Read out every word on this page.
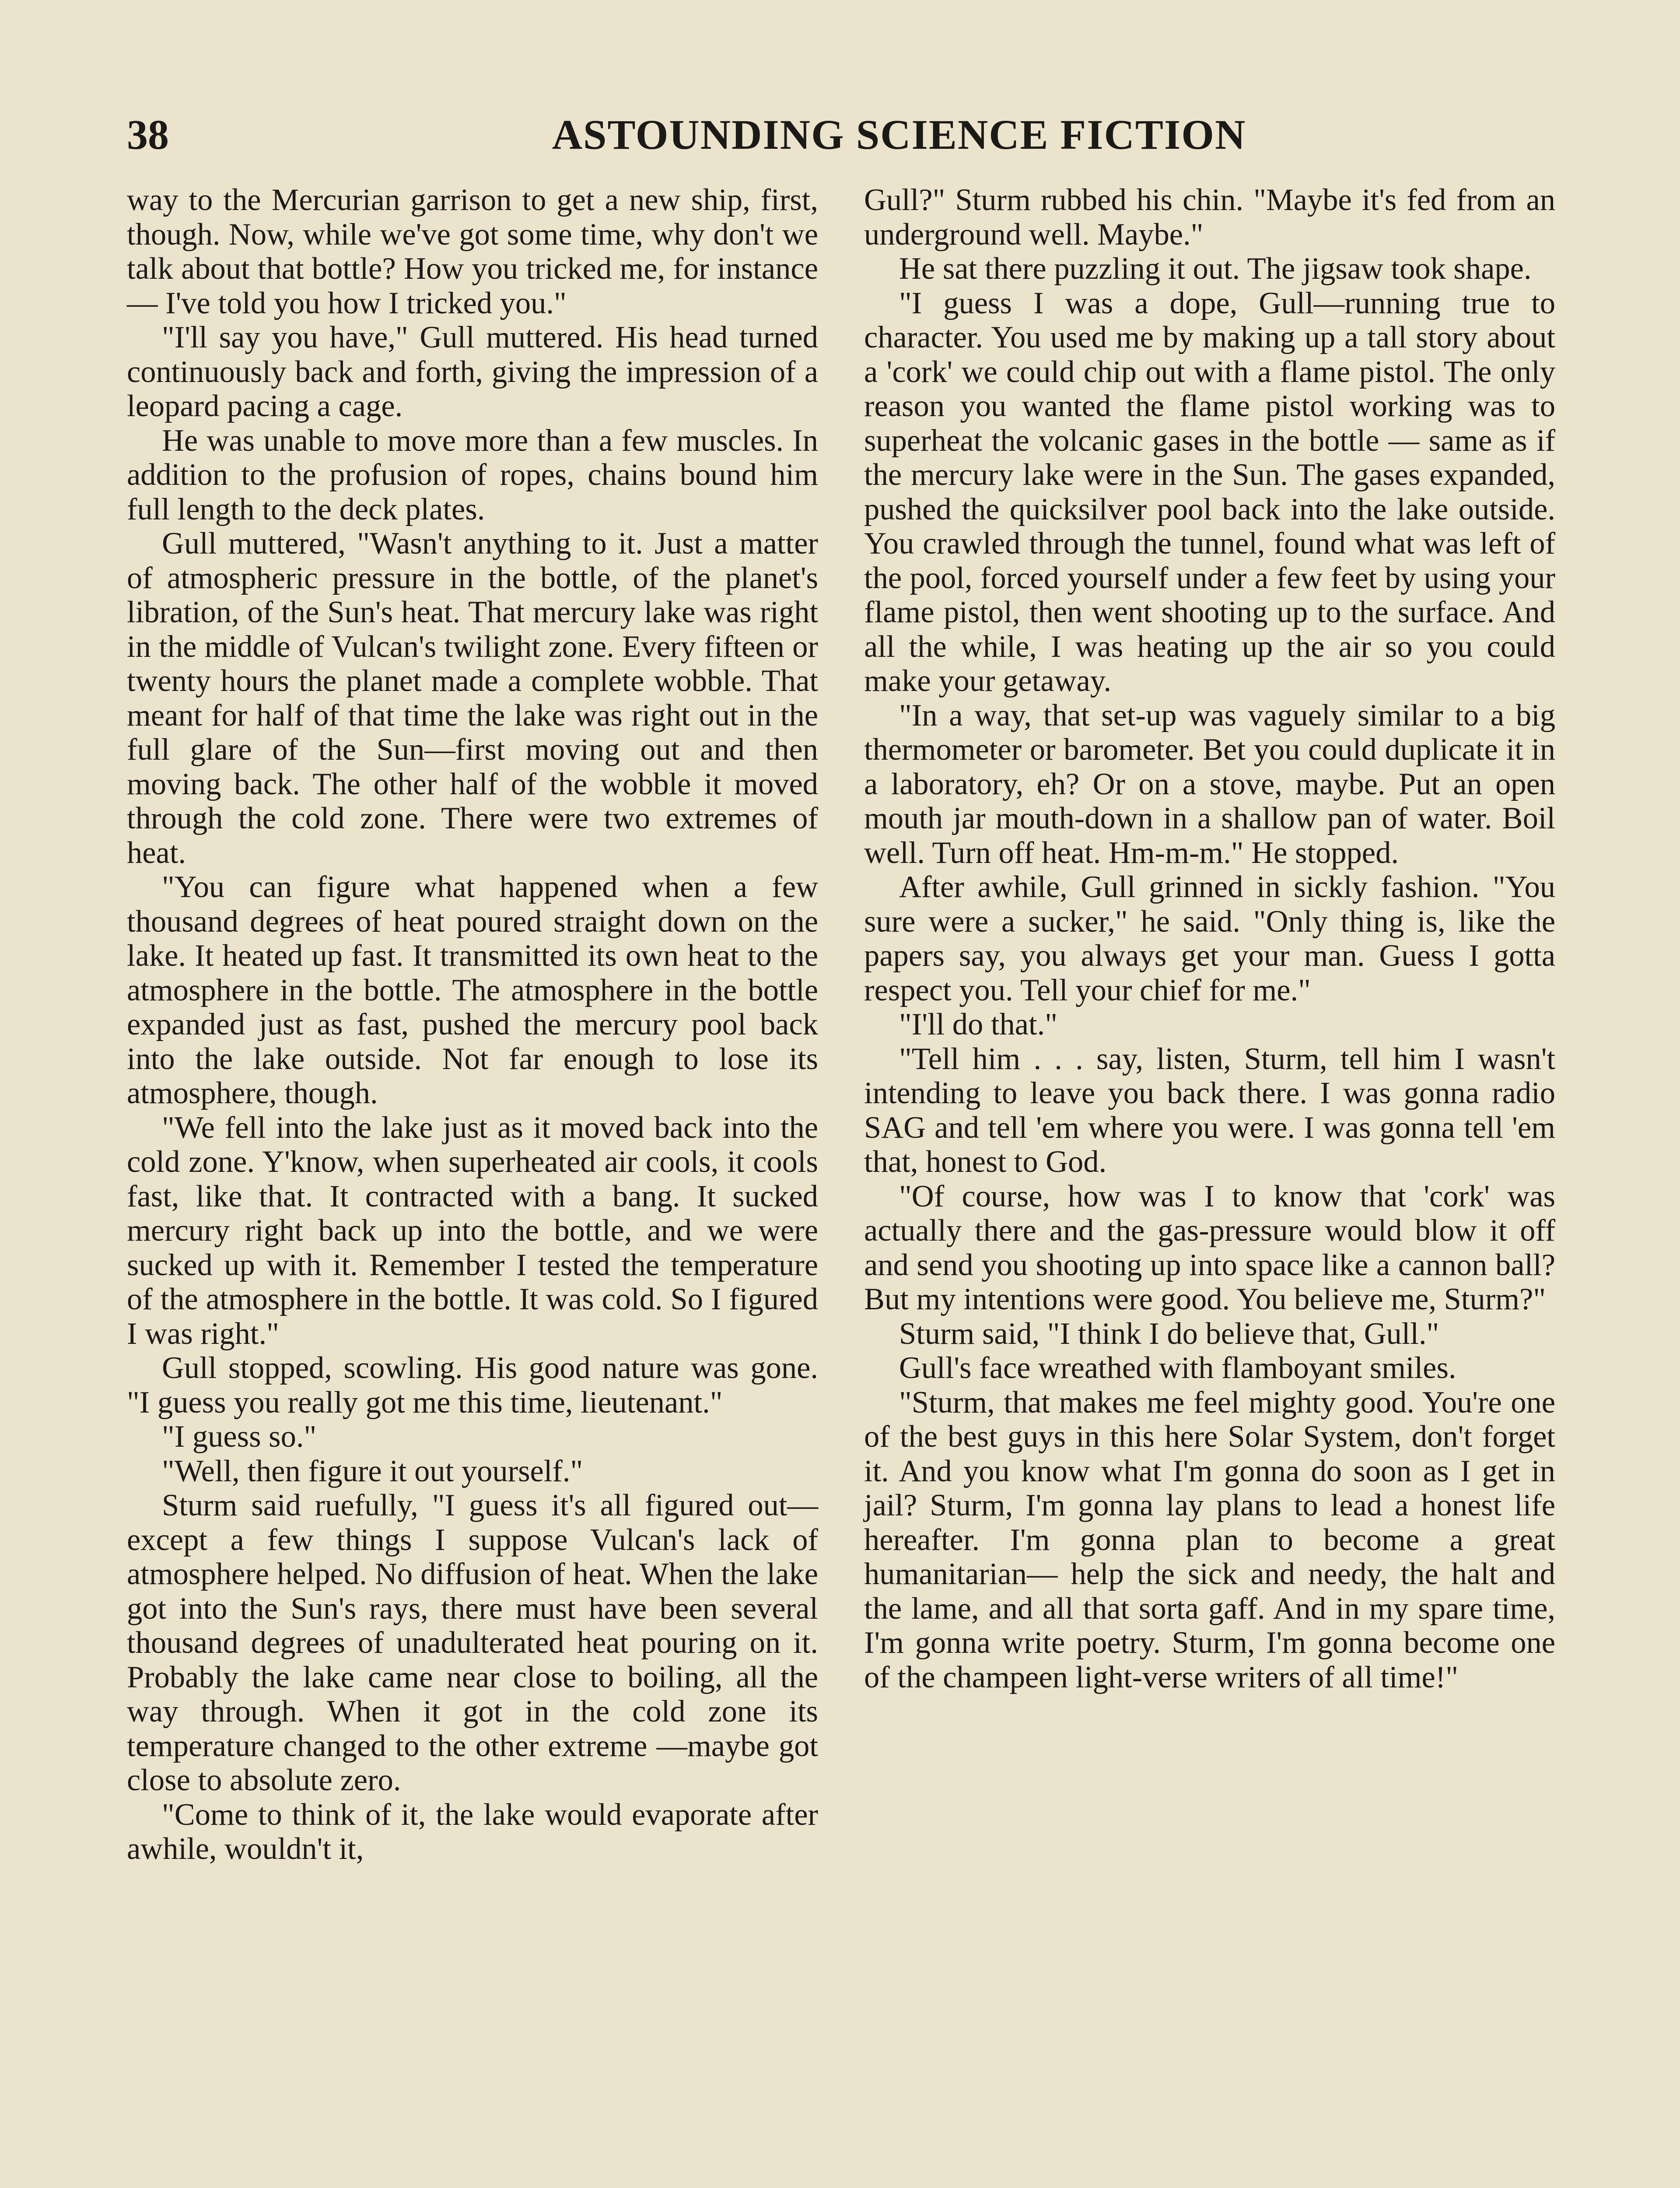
38	ASTOUNDING SCIENCE FICTION

way to the Mercurian garrison to get a new ship, first, though. Now, while we've got some time, why don't we talk about that bottle? How you tricked me, for instance— I've told you how I tricked you."

"I'll say you have," Gull muttered. His head turned continuously back and forth, giving the impression of a leopard pacing a cage.

He was unable to move more than a few muscles. In addition to the profusion of ropes, chains bound him full length to the deck plates.

Gull muttered, "Wasn't anything to it. Just a matter of atmospheric pressure in the bottle, of the planet's libration, of the Sun's heat. That mercury lake was right in the middle of Vulcan's twilight zone. Every fifteen or twenty hours the planet made a complete wobble. That meant for half of that time the lake was right out in the full glare of the Sun—first moving out and then moving back. The other half of the wobble it moved through the cold zone. There were two extremes of heat.

"You can figure what happened when a few thousand degrees of heat poured straight down on the lake. It heated up fast. It transmitted its own heat to the atmosphere in the bottle. The atmosphere in the bottle expanded just as fast, pushed the mercury pool back into the lake outside. Not far enough to lose its atmosphere, though.

"We fell into the lake just as it moved back into the cold zone. Y'know, when superheated air cools, it cools fast, like that. It contracted with a bang. It sucked mercury right back up into the bottle, and we were sucked up with it. Remember I tested the temperature of the atmosphere in the bottle. It was cold. So I figured I was right."

Gull stopped, scowling. His good nature was gone. "I guess you really got me this time, lieutenant."

"I guess so."

"Well, then figure it out yourself."

Sturm said ruefully, "I guess it's all figured out—except a few things I suppose Vulcan's lack of atmosphere helped. No diffusion of heat. When the lake got into the Sun's rays, there must have been several thousand degrees of unadulterated heat pouring on it. Probably the lake came near close to boiling, all the way through. When it got in the cold zone its temperature changed to the other extreme —maybe got close to absolute zero.

"Come to think of it, the lake would evaporate after awhile, wouldn't it,

Gull?" Sturm rubbed his chin. "Maybe it's fed from an underground well. Maybe."

He sat there puzzling it out. The jigsaw took shape.

"I guess I was a dope, Gull—running true to character. You used me by making up a tall story about a 'cork' we could chip out with a flame pistol. The only reason you wanted the flame pistol working was to superheat the volcanic gases in the bottle — same as if the mercury lake were in the Sun. The gases expanded, pushed the quicksilver pool back into the lake outside. You crawled through the tunnel, found what was left of the pool, forced yourself under a few feet by using your flame pistol, then went shooting up to the surface. And all the while, I was heating up the air so you could make your getaway.

"In a way, that set-up was vaguely similar to a big thermometer or barometer. Bet you could duplicate it in a laboratory, eh? Or on a stove, maybe. Put an open mouth jar mouth-down in a shallow pan of water. Boil well. Turn off heat. Hm-m-m." He stopped.

After awhile, Gull grinned in sickly fashion. "You sure were a sucker," he said. "Only thing is, like the papers say, you always get your man. Guess I gotta respect you. Tell your chief for me."

"I'll do that."

"Tell him . . . say, listen, Sturm, tell him I wasn't intending to leave you back there. I was gonna radio SAG and tell 'em where you were. I was gonna tell 'em that, honest to God.

"Of course, how was I to know that 'cork' was actually there and the gas-pressure would blow it off and send you shooting up into space like a cannon ball? But my intentions were good. You believe me, Sturm?"

Sturm said, "I think I do believe that, Gull."

Gull's face wreathed with flamboyant smiles.

"Sturm, that makes me feel mighty good. You're one of the best guys in this here Solar System, don't forget it. And you know what I'm gonna do soon as I get in jail? Sturm, I'm gonna lay plans to lead a honest life hereafter. I'm gonna plan to become a great humanitarian— help the sick and needy, the halt and the lame, and all that sorta gaff. And in my spare time, I'm gonna write poetry. Sturm, I'm gonna become one of the champeen light-verse writers of all time!"
